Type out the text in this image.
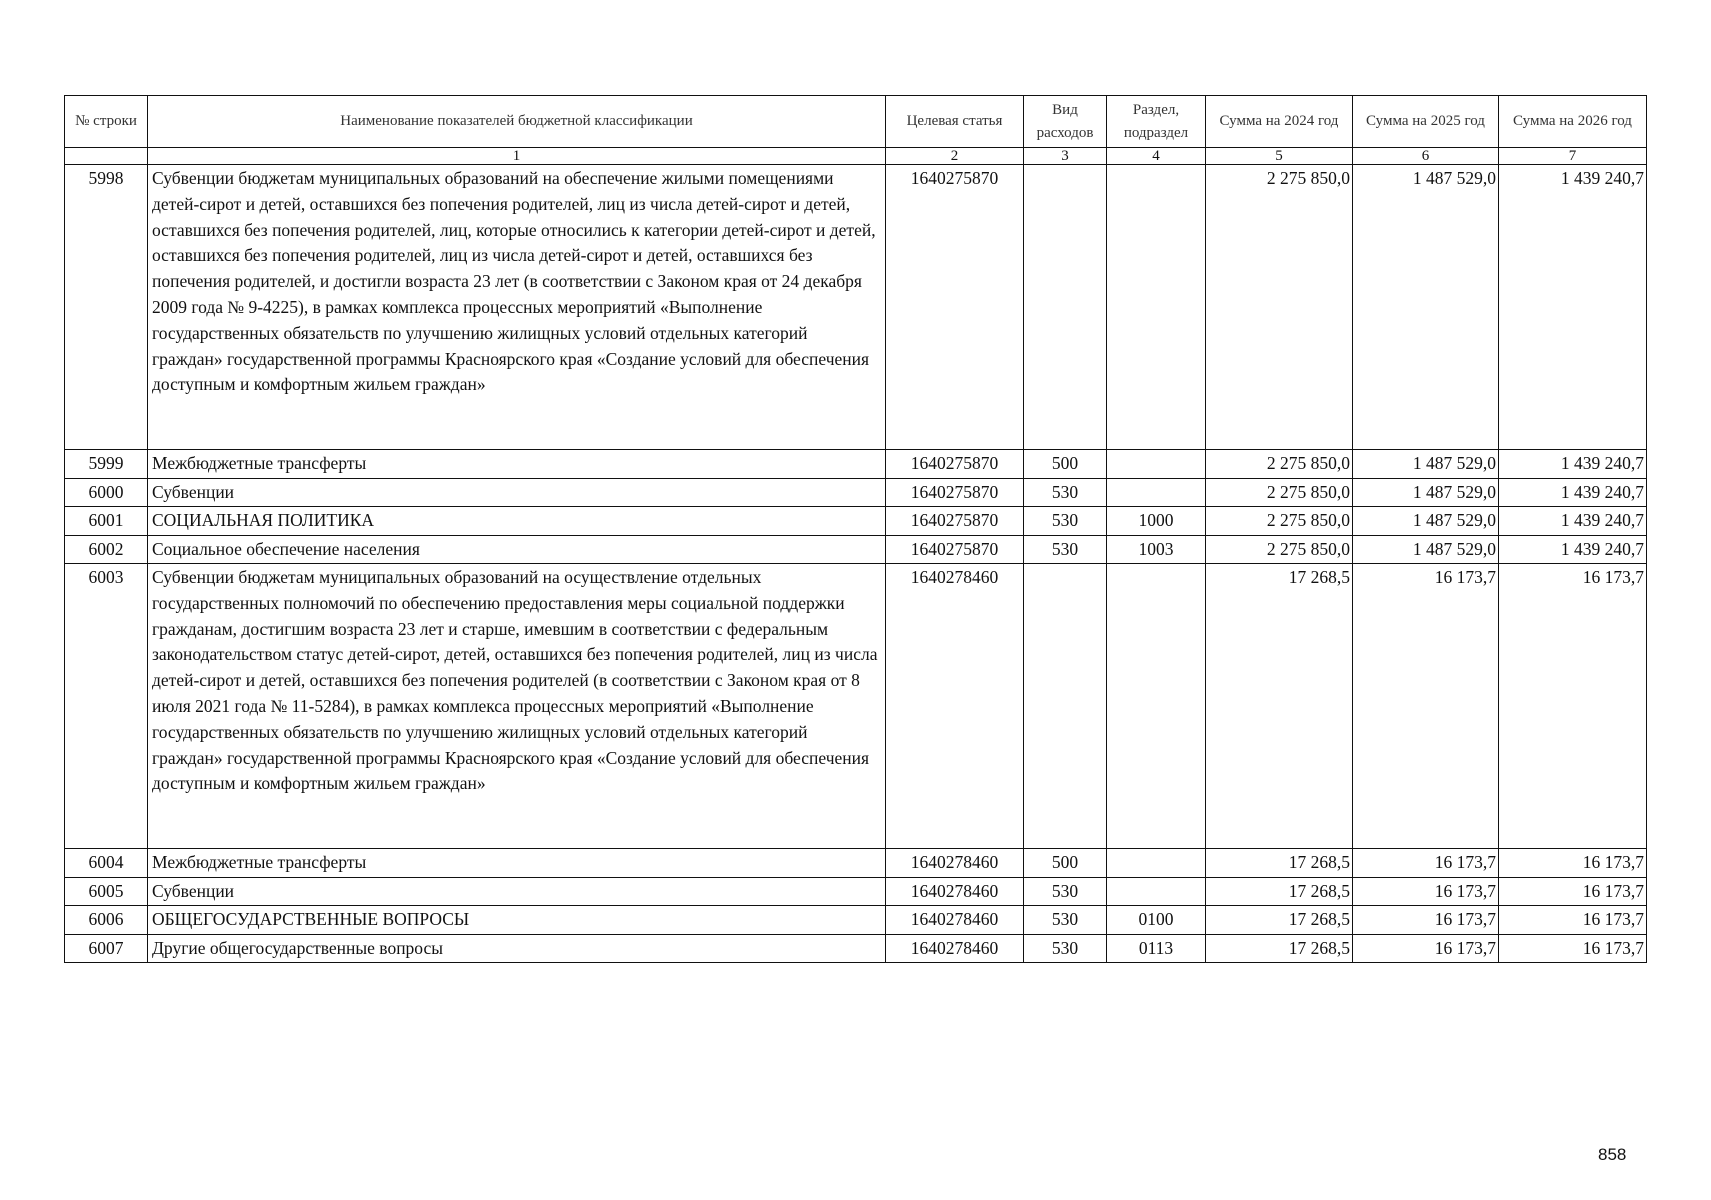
№ строки	Наименование показателей бюджетной классификации	Целевая статья	Вид расходов	Раздел, подраздел	Сумма на 2024 год	Сумма на 2025 год	Сумма на 2026 год
	1	2	3	4	5	6	7
5998	Субвенции бюджетам муниципальных образований на обеспечение жилыми помещениями детей-сирот и детей, оставшихся без попечения родителей, лиц из числа детей-сирот и детей, оставшихся без попечения родителей, лиц, которые относились к категории детей-сирот и детей, оставшихся без попечения родителей, лиц из числа детей-сирот и детей, оставшихся без попечения родителей, и достигли возраста 23 лет (в соответствии с Законом края от 24 декабря 2009 года № 9-4225), в рамках комплекса процессных мероприятий «Выполнение государственных обязательств по улучшению жилищных условий отдельных категорий граждан» государственной программы Красноярского края «Создание условий для обеспечения доступным и комфортным жильем граждан»	1640275870			2 275 850,0	1 487 529,0	1 439 240,7
5999	Межбюджетные трансферты	1640275870	500		2 275 850,0	1 487 529,0	1 439 240,7
6000	Субвенции	1640275870	530		2 275 850,0	1 487 529,0	1 439 240,7
6001	СОЦИАЛЬНАЯ ПОЛИТИКА	1640275870	530	1000	2 275 850,0	1 487 529,0	1 439 240,7
6002	Социальное обеспечение населения	1640275870	530	1003	2 275 850,0	1 487 529,0	1 439 240,7
6003	Субвенции бюджетам муниципальных образований на осуществление отдельных государственных полномочий по обеспечению предоставления меры социальной поддержки гражданам, достигшим возраста 23 лет и старше, имевшим в соответствии с федеральным законодательством статус детей-сирот, детей, оставшихся без попечения родителей, лиц из числа детей-сирот и детей, оставшихся без попечения родителей (в соответствии с Законом края от 8 июля 2021 года № 11-5284), в рамках комплекса процессных мероприятий «Выполнение государственных обязательств по улучшению жилищных условий отдельных категорий граждан» государственной программы Красноярского края «Создание условий для обеспечения доступным и комфортным жильем граждан»	1640278460			17 268,5	16 173,7	16 173,7
6004	Межбюджетные трансферты	1640278460	500		17 268,5	16 173,7	16 173,7
6005	Субвенции	1640278460	530		17 268,5	16 173,7	16 173,7
6006	ОБЩЕГОСУДАРСТВЕННЫЕ ВОПРОСЫ	1640278460	530	0100	17 268,5	16 173,7	16 173,7
6007	Другие общегосударственные вопросы	1640278460	530	0113	17 268,5	16 173,7	16 173,7
858
